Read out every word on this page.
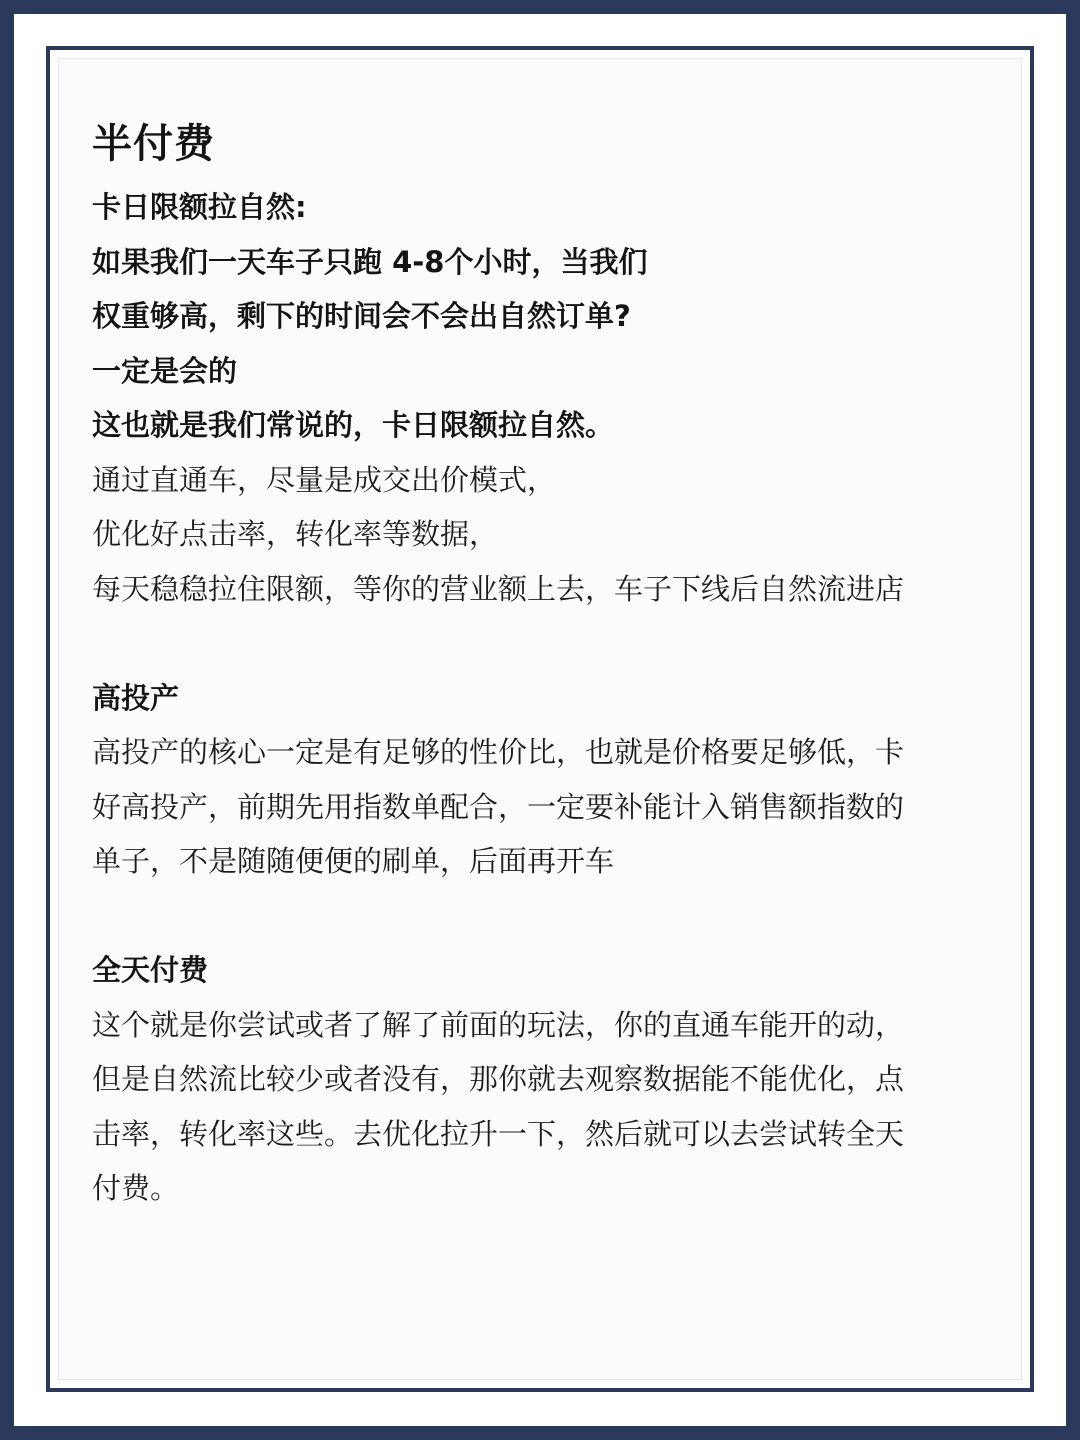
半付费

卡日限额拉自然:

如果我们一天车子只跑 4-8个小时，当我们

权重够高，剩下的时间会不会出自然订单?

一定是会的

这也就是我们常说的，卡日限额拉自然。

通过直通车，尽量是成交出价模式，

优化好点击率，转化率等数据，

每天稳稳拉住限额，等你的营业额上去，车子下线后自然流进店

高投产

高投产的核心一定是有足够的性价比，也就是价格要足够低，卡

好高投产，前期先用指数单配合，一定要补能计入销售额指数的

单子，不是随随便便的刷单，后面再开车

全天付费

这个就是你尝试或者了解了前面的玩法，你的直通车能开的动，

但是自然流比较少或者没有，那你就去观察数据能不能优化，点

击率，转化率这些。去优化拉升一下，然后就可以去尝试转全天

付费。
